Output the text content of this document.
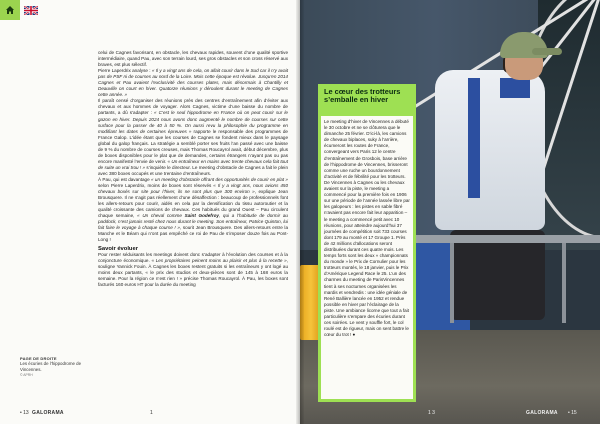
celui de Cagnes favorisant, en obstacle, les chevaux rapides, souvent d’une qualité sportive intermédiaire, quand Pau, avec son terrain lourd, ses gros obstacles et son cross réservé aux braves, est plus sélectif.

Pierre Laperdrix analyse : « Il y a vingt ans de cela, on allait courir dans le Sud car il n’y avait pas de PSF ni de courses au nord de la Loire. Mois cette époque est révolue. Jusqu’en 2014 Cagnes et Pau avaient l’exclusivité des courses plates, mais désormais à Chantilly et Deauville on court en hiver. Quatorze réunions y déroulent durant le meeting de Cagnes cette année. »

Il paraît censé d’organiser des réunions près des centres d’entraînement afin d’éviter aux chevaux et aux hommes de voyager. Alors Cagnes, victime d’une baisse du nombre de partants, a dû s’adapter : « C’est le seul hippodrome en France où on peut courir sur le gazon en hiver. Depuis 2024 nous avons donc augmenté le nombre de courses sur cette surface pour la passer de 40 à 50 %. On aussi revu la philosophie du programme en modifiant les dates de certaines épreuves » rapporte le responsable des programmes de France Galop. L’idée étant que les courses de Cagnes se fondent mieux dans le paysage global du galop français. La stratégie a semblé porter ses fruits l’an passé avec une baisse de 9 % du nombre de courses creuses, mais Thomas Roucayrol avait, début décembre, plus de boxes disponibles pour le plat que de demandes, certains étrangers n’ayant pas ou pas encore manifesté l’envie de venir. « Un entraîneur en mains avec trente chevaux cela fait tout de suite un vrai trou ! » s’inquiète le directeur. Le meeting d’obstacle de Cagnes a fait le plein avec 380 boxes occupés et une trentaine d’entraîneurs.

À Pau, qui est davantage « un meeting d’obstacle offrant des opportunités de courir en plat » selon Pierre Laperdrix, moins de boxes sont réservés « Il y a vingt ans, nous avions 450 chevaux boxés sur site pour l’hiver, ils ne sont plus que 300 environ », explique Jean Brousquere. Il ne s’agit pas réellement d’une désaffection : beaucoup de professionnels font les allers-retours pour courir, aidés en cela par la densification du tissu autoroutier et la qualité croissante des camions de chevaux. Ces habitués du grand Ouest – Pau circulent chaque semaine, « Un cheval comme Saint Godefroy, qui a l’habitude de dormir au paddock, n’est jamais resté chez nous durant le meeting. Son entraîneur, Patrice Quinton, lui fait faire le voyage à chaque course ! », sourit Jean Brousquere. Des allers-retours entre la Manche et le Béarn qui n’ont pas empêché ce roi de Pau de s’imposer douze fois au Pont-Long !

Savoir évoluer

Pour rester séduisants les meetings doivent donc s’adapter à l’évolution des courses et à la conjoncture économique. « Les propriétaires peinent moins au plaisir et plus à la recette », souligne Yannick Fouin. À Cagnes les boxes restent gratuits si les entraîneurs y ont logé au moins deux partants, « le prix des studios et deux-pièces sont de 145 à 168 euros la semaine. Pour la région ce n’est rien ! » précise Thomas Roucayrol. À Pau, les boxes sont facturés 160 euros HT pour la durée du meeting

PAGE DE DROITE
Les écuries de l’hippodrome de Vincennes.
© APRH
• 13 GALORAMA	1
Le cœur des trotteurs s’emballe en hiver
Le meeting d’hiver de Vincennes a débuté le 30 octobre et ne se clôturera que le dimanche 25 février. D’ici-là, les camions de chevaux biplaces, suky à l’arrière, écumeront les routes de France, convergeant vers Paris 12 le centre d’entraînement de Grosbois, base arrière de l’hippodrome de Vincennes, brisseront comme une ruche un bourdonnement d’activité et de fébrilité pour les trotteurs. De Vincennes à Cagnes ou les chevaux avaient sur la piste, le meeting a commencé pour la première fois en 1906 sur une période de l’année lassée libre par les galopeurs : les pistes en sable fibré n’avaient pas encore fait leur apparition – le meeting a commencé petit avec 10 réunions, pour atteindre aujourd’hui 37 journées de compétition soit 733 courses dont 179 au monté et 17 Groupe 1. Près de 42 millions d’allocations seront distribuées durant ces quatre mois. Les temps forts sont les deux « championnats du monde » le Prix de Cornulier pour les trotteurs montés, le 18 janvier, puis le Prix d’Amérique Legend Race le 25. L’un des charmes du meeting de ParisVincennes tient à ses nocturnes organisées les mardis et vendredis : une idée géniale de René Ballière lancée en 1952 et rendue possible en hiver par l’éclairage de la piste. Une ambiance licorne que tout a fait particulière s’empare des écuries durant ces soirées. Le vent y souffle fort, le col roulé est de rigueur, mais on sent battre le cœur du trot ! ●
1 3	GALORAMA • 15
